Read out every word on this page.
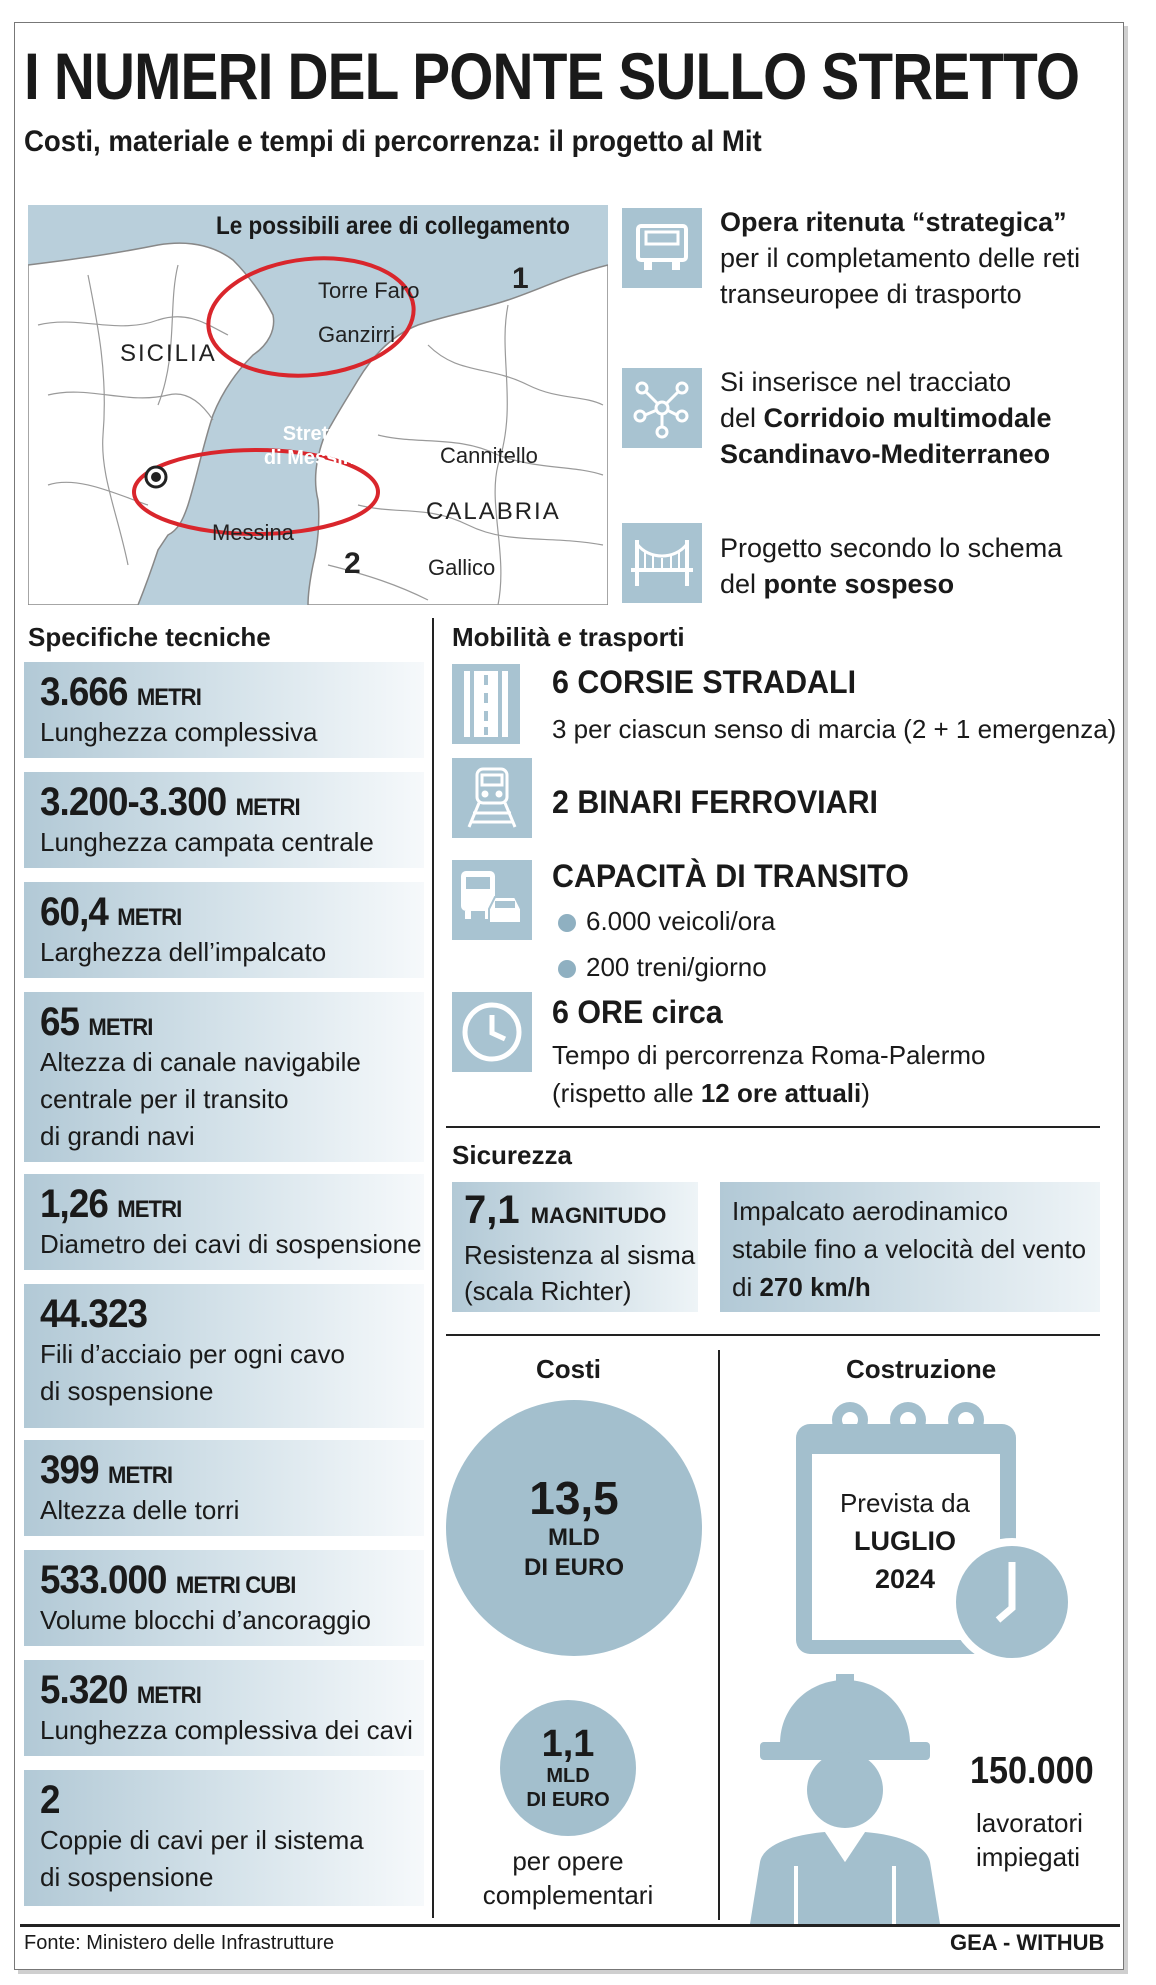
I NUMERI DEL PONTE SULLO STRETTO
Costi, materiale e tempi di percorrenza: il progetto al Mit
Le possibili aree di collegamento
SICILIA
CALABRIA
Torre Faro
Ganzirri
Stretto
di Messina	Cannitello
Messina
Gallico
1
2
Opera ritenuta “strategica”
per il completamento delle reti
transeuropee di trasporto
Si inserisce nel tracciato
del Corridoio multimodale
Scandinavo-Mediterraneo
Progetto secondo lo schema
del ponte sospeso
Specifiche tecniche
3.666 METRI
Lunghezza complessiva
3.200-3.300 METRI
Lunghezza campata centrale
60,4 METRI
Larghezza dell’impalcato
65 METRI
Altezza di canale navigabile
centrale per il transito
di grandi navi
1,26 METRI
Diametro dei cavi di sospensione
44.323
Fili d’acciaio per ogni cavo
di sospensione
399 METRI
Altezza delle torri
533.000 METRI CUBI
Volume blocchi d’ancoraggio
5.320 METRI
Lunghezza complessiva dei cavi
2
Coppie di cavi per il sistema
di sospensione
Mobilità e trasporti
6 CORSIE STRADALI
3 per ciascun senso di marcia (2 + 1 emergenza)
2 BINARI FERROVIARI
CAPACITÀ DI TRANSITO
6.000 veicoli/ora
200 treni/giorno
6 ORE circa
Tempo di percorrenza Roma-Palermo
(rispetto alle 12 ore attuali)
Sicurezza
7,1 MAGNITUDO
Resistenza al sisma
(scala Richter)
Impalcato aerodinamico
stabile fino a velocità del vento
di 270 km/h
Costi
13,5
MLD
DI EURO
1,1
MLD
DI EURO
per opere
complementari
Costruzione
Prevista da
LUGLIO
2024
150.000
lavoratori
impiegati
Fonte: Ministero delle Infrastrutture	GEA - WITHUB
